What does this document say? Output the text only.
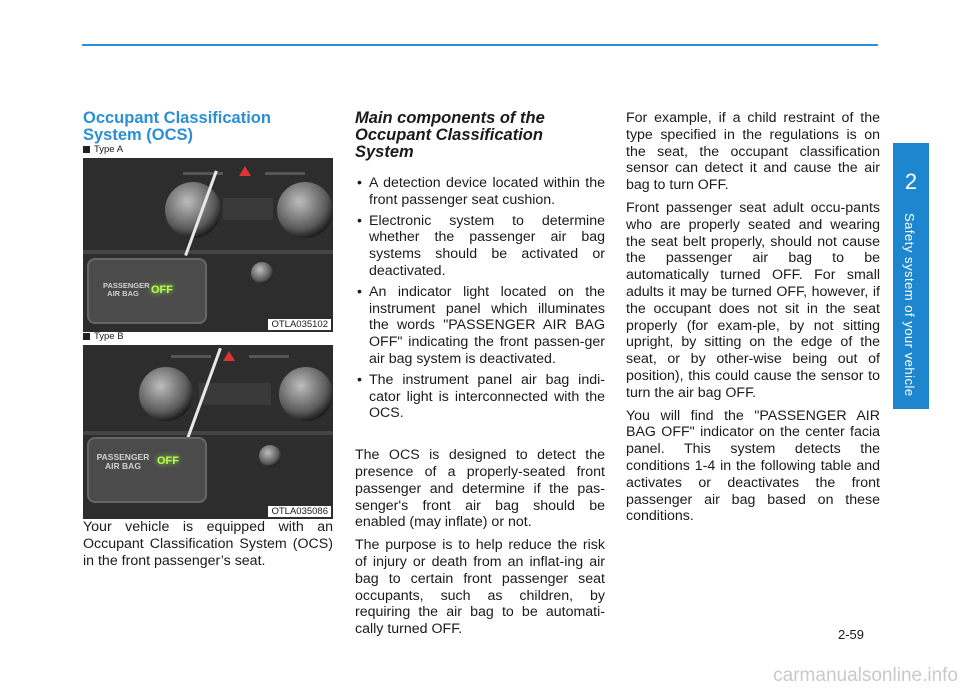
2
Safety system of your vehicle
Occupant Classification
System (OCS)
Type A
PASSENGER
AIR BAG	OFF
OTLA035102
Type B
PASSENGER
AIR BAG	OFF
OTLA035086

Your vehicle is equipped with an Occupant Classification System (OCS) in the front passenger’s seat.

Main components of the
Occupant Classification System
• A detection device located within the front passenger seat cushion.
• Electronic system to determine whether the passenger air bag systems should be activated or deactivated.
• An indicator light located on the instrument panel which illuminates the words "PASSENGER AIR BAG OFF" indicating the front passen-ger air bag system is deactivated.
• The instrument panel air bag indi-cator light is interconnected with the OCS.

The OCS is designed to detect the presence of a properly-seated front passenger and determine if the pas-senger's front air bag should be enabled (may inflate) or not.

The purpose is to help reduce the risk of injury or death from an inflat-ing air bag to certain front passenger seat occupants, such as children, by requiring the air bag to be automati-cally turned OFF.

For example, if a child restraint of the type specified in the regulations is on the seat, the occupant classification sensor can detect it and cause the air bag to turn OFF.

Front passenger seat adult occu-pants who are properly seated and wearing the seat belt properly, should not cause the passenger air bag to be automatically turned OFF. For small adults it may be turned OFF, however, if the occupant does not sit in the seat properly (for exam-ple, by not sitting upright, by sitting on the edge of the seat, or by other-wise being out of position), this could cause the sensor to turn the air bag OFF.

You will find the "PASSENGER AIR BAG OFF" indicator on the center facia panel. This system detects the conditions 1-4 in the following table and activates or deactivates the front passenger air bag based on these conditions.

2-59
carmanualsonline.info
